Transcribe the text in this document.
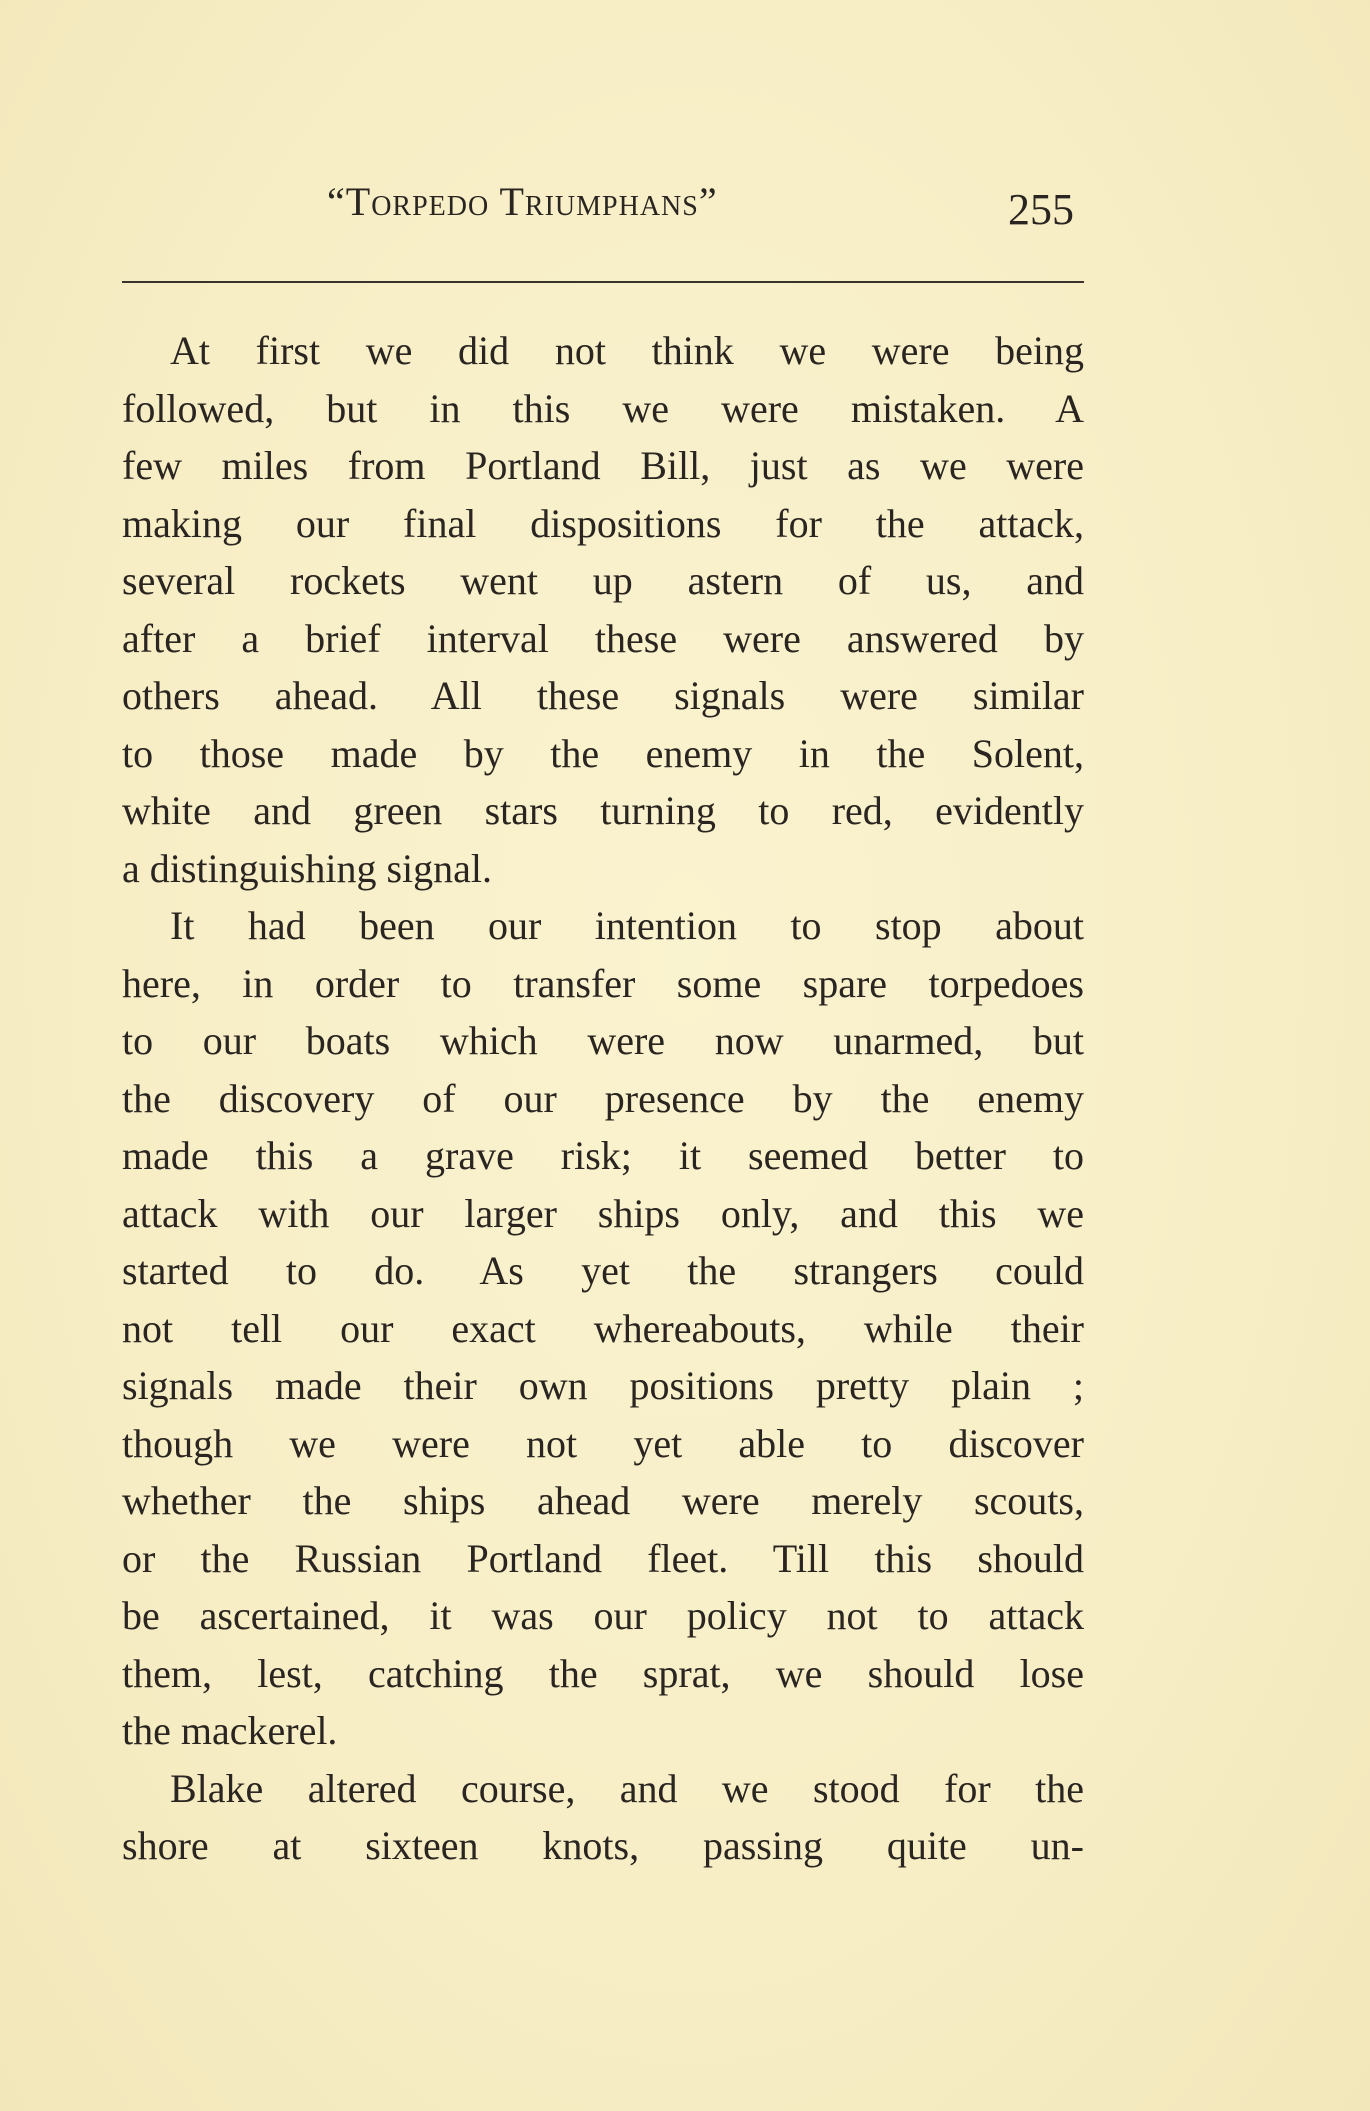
“Torpedo Triumphans”	255
At first we did not think we were being
followed, but in this we were mistaken. A
few miles from Portland Bill, just as we were
making our final dispositions for the attack,
several rockets went up astern of us, and
after a brief interval these were answered by
others ahead. All these signals were similar
to those made by the enemy in the Solent,
white and green stars turning to red, evidently
a distinguishing signal.
It had been our intention to stop about
here, in order to transfer some spare torpedoes
to our boats which were now unarmed, but
the discovery of our presence by the enemy
made this a grave risk; it seemed better to
attack with our larger ships only, and this we
started to do. As yet the strangers could
not tell our exact whereabouts, while their
signals made their own positions pretty plain ;
though we were not yet able to discover
whether the ships ahead were merely scouts,
or the Russian Portland fleet. Till this should
be ascertained, it was our policy not to attack
them, lest, catching the sprat, we should lose
the mackerel.
Blake altered course, and we stood for the
shore at sixteen knots, passing quite un-
